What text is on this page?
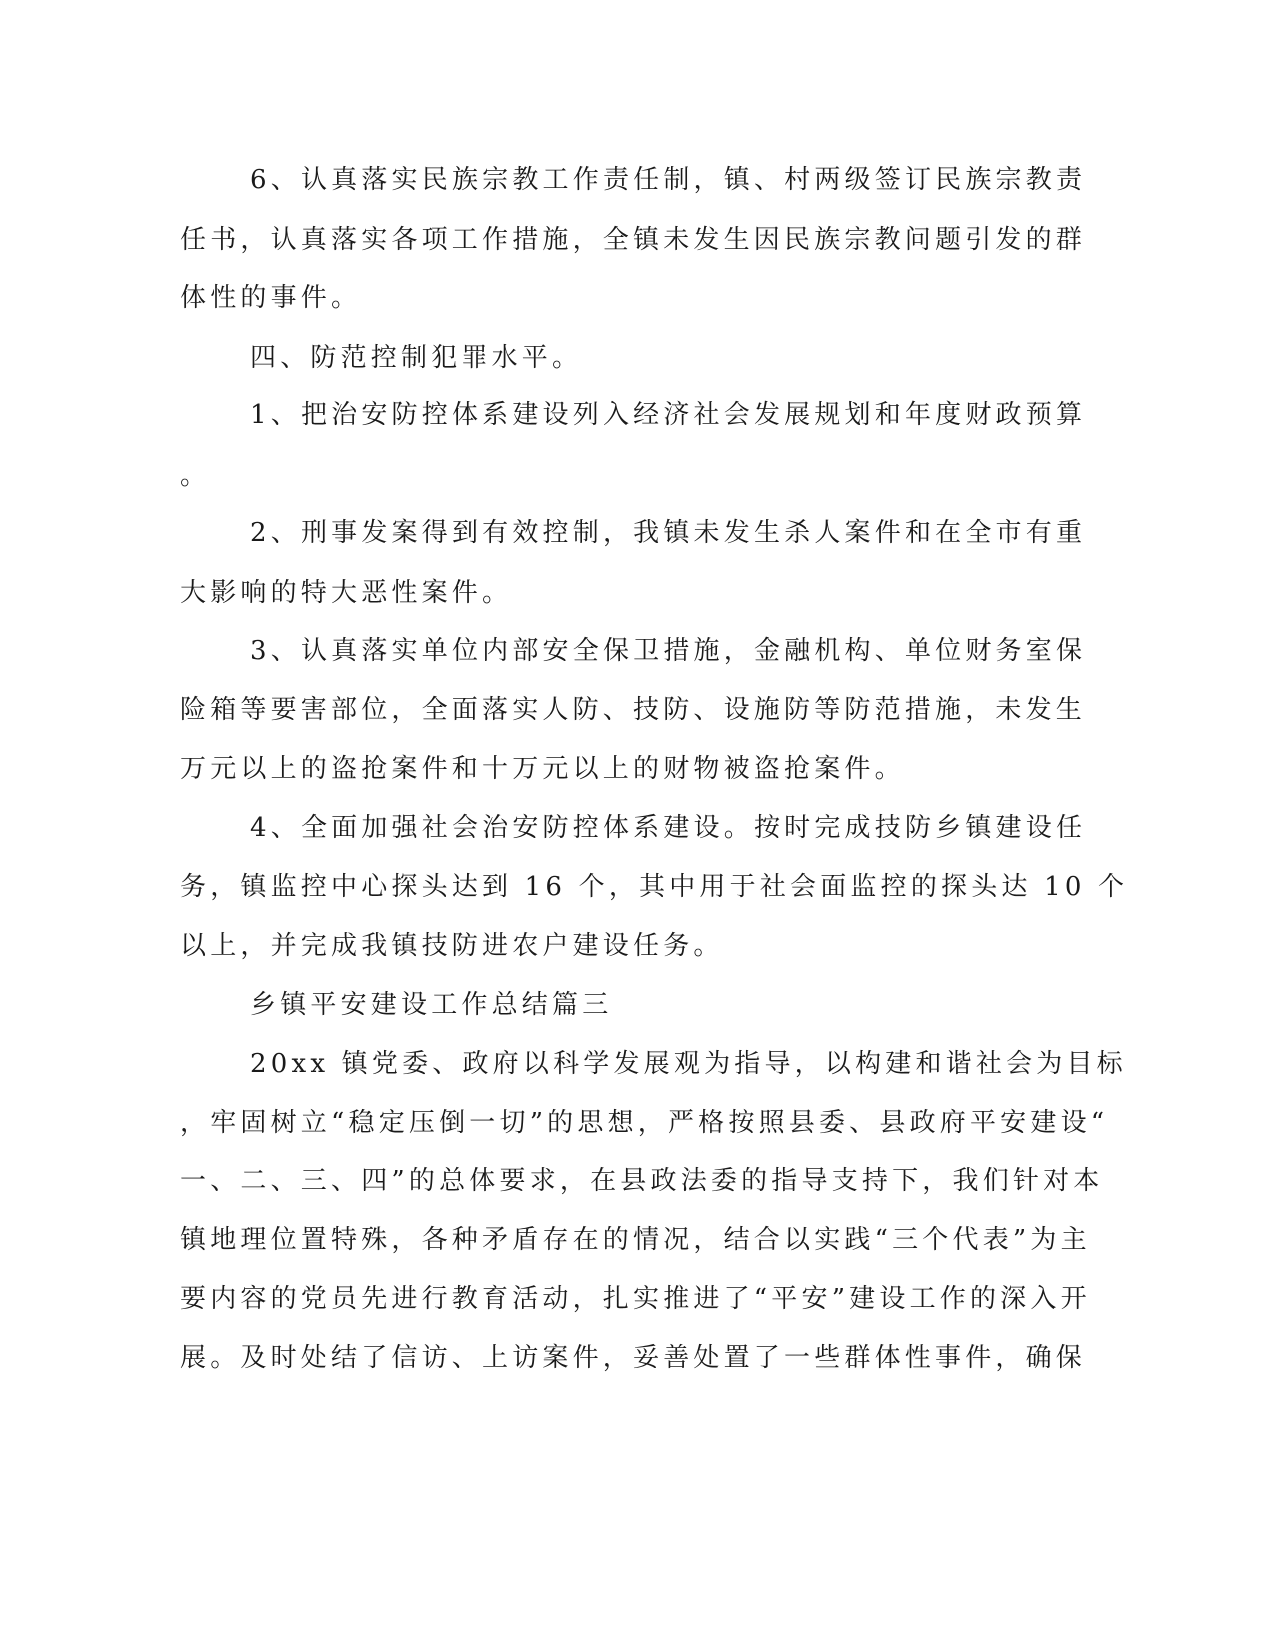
6、认真落实民族宗教工作责任制，镇、村两级签订民族宗教责

任书，认真落实各项工作措施，全镇未发生因民族宗教问题引发的群

体性的事件。

四、防范控制犯罪水平。

1、把治安防控体系建设列入经济社会发展规划和年度财政预算

。

2、刑事发案得到有效控制，我镇未发生杀人案件和在全市有重

大影响的特大恶性案件。

3、认真落实单位内部安全保卫措施，金融机构、单位财务室保

险箱等要害部位，全面落实人防、技防、设施防等防范措施，未发生

万元以上的盗抢案件和十万元以上的财物被盗抢案件。

4、全面加强社会治安防控体系建设。按时完成技防乡镇建设任

务，镇监控中心探头达到 16 个，其中用于社会面监控的探头达 10 个

以上，并完成我镇技防进农户建设任务。

乡镇平安建设工作总结篇三

20xx 镇党委、政府以科学发展观为指导，以构建和谐社会为目标

，牢固树立“稳定压倒一切”的思想，严格按照县委、县政府平安建设“

一、二、三、四”的总体要求，在县政法委的指导支持下，我们针对本

镇地理位置特殊，各种矛盾存在的情况，结合以实践“三个代表”为主

要内容的党员先进行教育活动，扎实推进了“平安”建设工作的深入开

展。及时处结了信访、上访案件，妥善处置了一些群体性事件，确保
